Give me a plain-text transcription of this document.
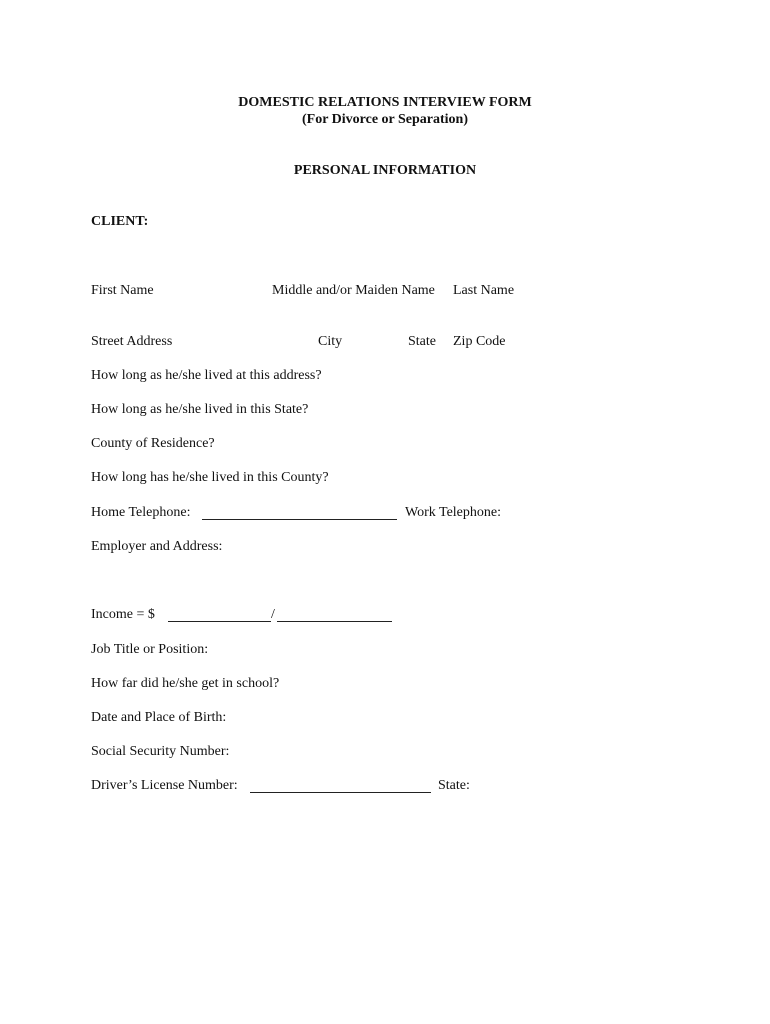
DOMESTIC RELATIONS INTERVIEW FORM
(For Divorce or Separation)
PERSONAL INFORMATION
CLIENT:
First Name	Middle and/or Maiden Name Last Name
Street Address	City	State Zip Code
How long as he/she lived at this address?
How long as he/she lived in this State?
County of Residence?
How long has he/she lived in this County?
Home Telephone:	Work Telephone:
Employer and Address:
Income = $	/
Job Title or Position:
How far did he/she get in school?
Date and Place of Birth:
Social Security Number:
Driver’s License Number:	State:
